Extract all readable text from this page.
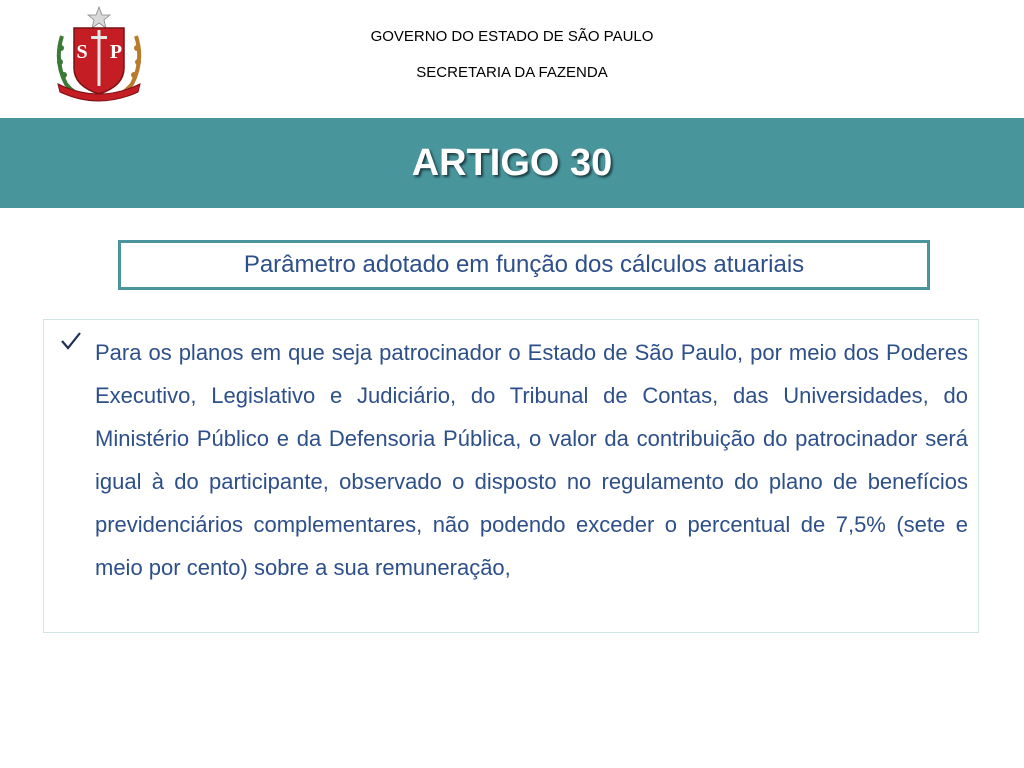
S P
GOVERNO DO ESTADO DE SÃO PAULO
SECRETARIA DA FAZENDA
ARTIGO 30
Parâmetro adotado em função dos cálculos atuariais

Para os planos em que seja patrocinador o Estado de São Paulo, por meio dos Poderes Executivo, Legislativo e Judiciário, do Tribunal de Contas, das Universidades, do Ministério Público e da Defensoria Pública, o valor da contribuição do patrocinador será igual à do participante, observado o disposto no regulamento do plano de benefícios previdenciários complementares, não podendo exceder o percentual de 7,5% (sete e meio por cento) sobre a sua remuneração,
